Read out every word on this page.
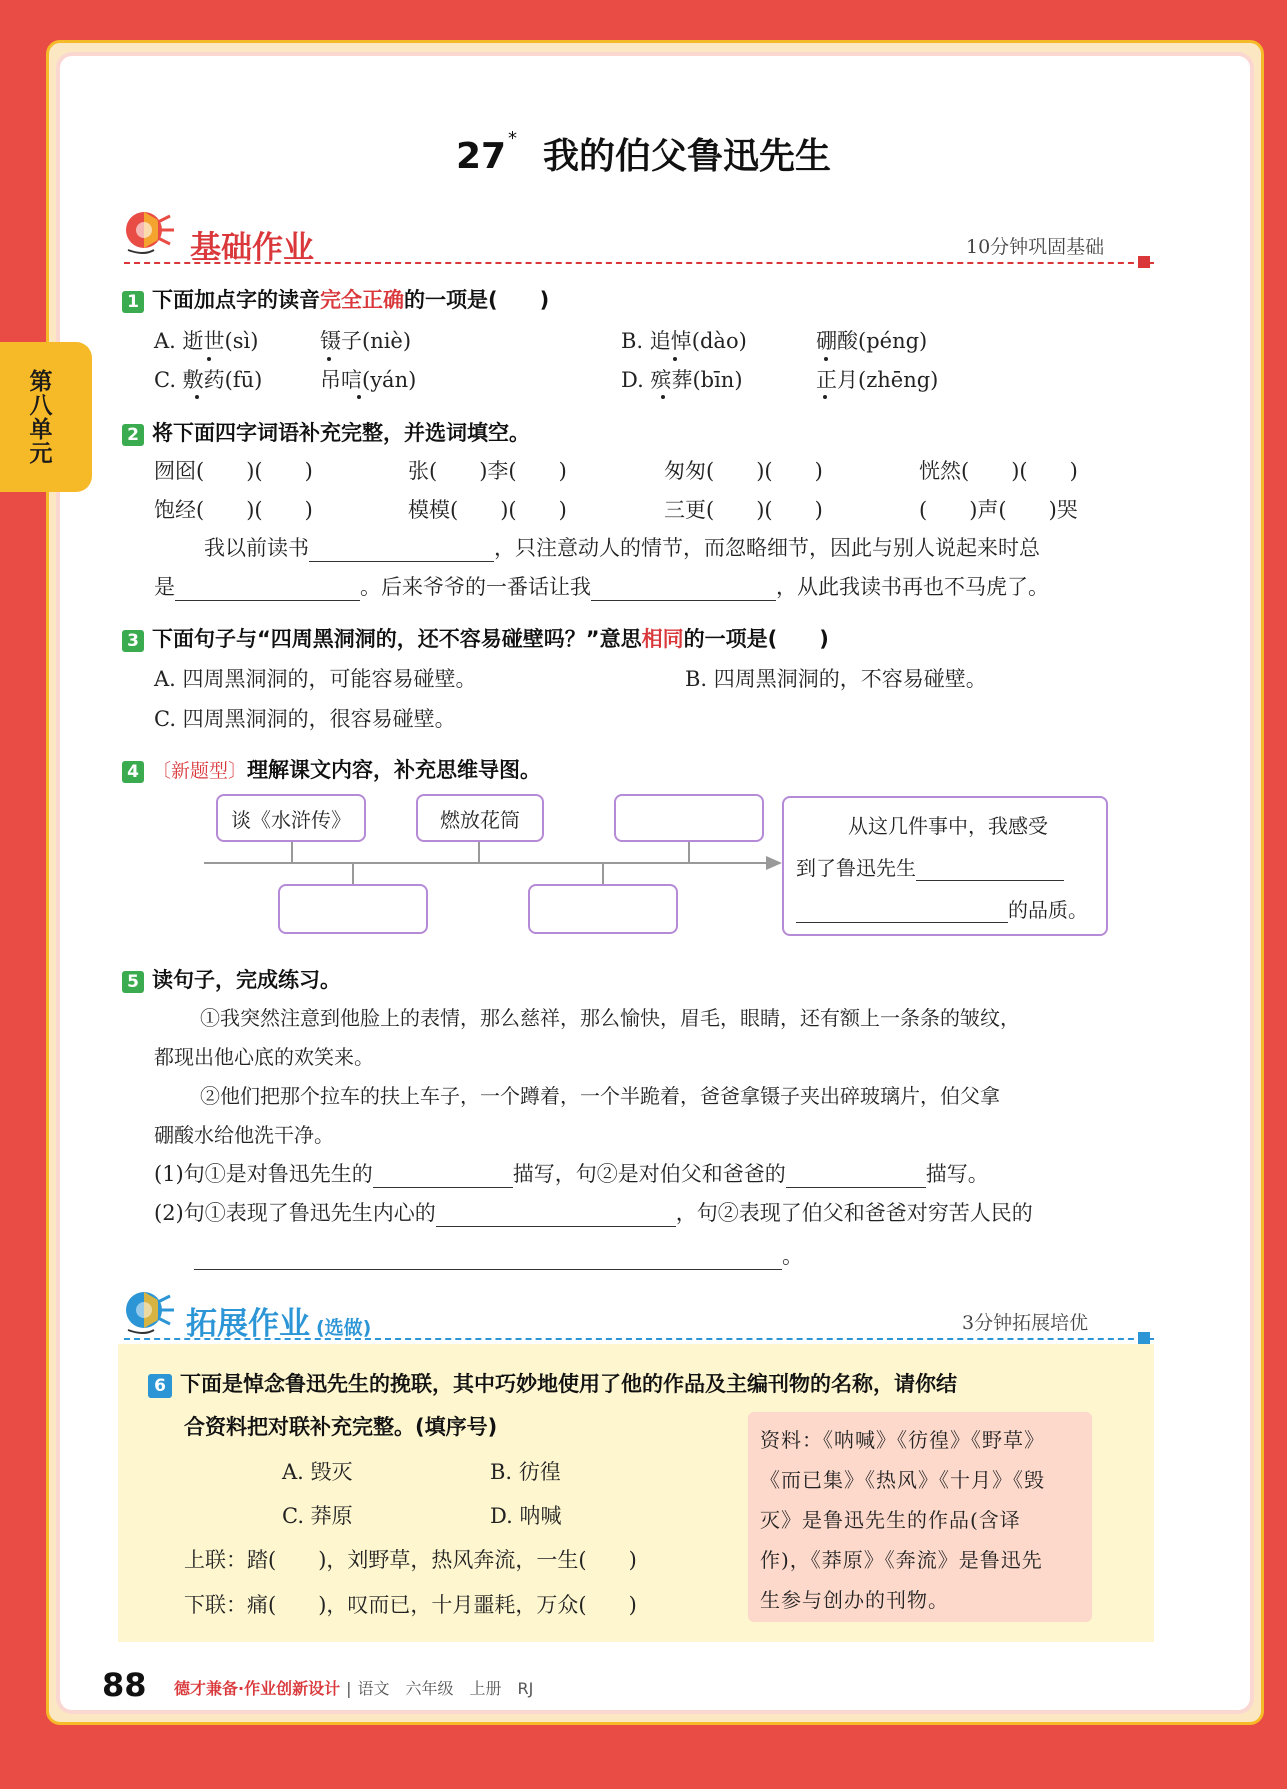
第八单元
27 * 我的伯父鲁迅先生
基础作业	10分钟巩固基础
1 下面加点字的读音完全正确的一项是(　　)
A. 逝世(sì)	镊子(niè)	B. 追悼(dào)	硼酸(péng)
C. 敷药(fū)	吊唁(yán)	D. 殡葬(bīn)	正月(zhēng)
2 将下面四字词语补充完整，并选词填空。
囫囵(　　)(　　)	张(　　)李(　　)	匆匆(　　)(　　)	恍然(　　)(　　)
饱经(　　)(　　)	模模(　　)(　　)	三更(　　)(　　)	(　　)声(　　)哭
我以前读书	，只注意动人的情节，而忽略细节，因此与别人说起来时总
是	。后来爷爷的一番话让我	，从此我读书再也不马虎了。
3 下面句子与“四周黑洞洞的，还不容易碰壁吗？”意思相同的一项是(　　)
A. 四周黑洞洞的，可能容易碰壁。	B. 四周黑洞洞的，不容易碰壁。
C. 四周黑洞洞的，很容易碰壁。
4 〔新题型〕理解课文内容，补充思维导图。
谈《水浒传》	燃放花筒	从这几件事中，我感受
到了鲁迅先生
的品质。
5 读句子，完成练习。
①我突然注意到他脸上的表情，那么慈祥，那么愉快，眉毛，眼睛，还有额上一条条的皱纹，
都现出他心底的欢笑来。
②他们把那个拉车的扶上车子，一个蹲着，一个半跪着，爸爸拿镊子夹出碎玻璃片，伯父拿
硼酸水给他洗干净。
(1)句①是对鲁迅先生的	描写，句②是对伯父和爸爸的	描写。
(2)句①表现了鲁迅先生内心的	，句②表现了伯父和爸爸对穷苦人民的
。
拓展作业 (选做)	3分钟拓展培优
6 下面是悼念鲁迅先生的挽联，其中巧妙地使用了他的作品及主编刊物的名称，请你结
合资料把对联补充完整。(填序号)
A. 毁灭	B. 彷徨
C. 莽原	D. 呐喊
上联：踏(　　)，刘野草，热风奔流，一生(　　)
下联：痛(　　)，叹而已，十月噩耗，万众(　　)
资料：《呐喊》《彷徨》《野草》
《而已集》《热风》《十月》《毁
灭》是鲁迅先生的作品(含译
作)，《莽原》《奔流》是鲁迅先
生参与创办的刊物。
88 德才兼备·作业创新设计 | 语文　六年级　上册　RJ
